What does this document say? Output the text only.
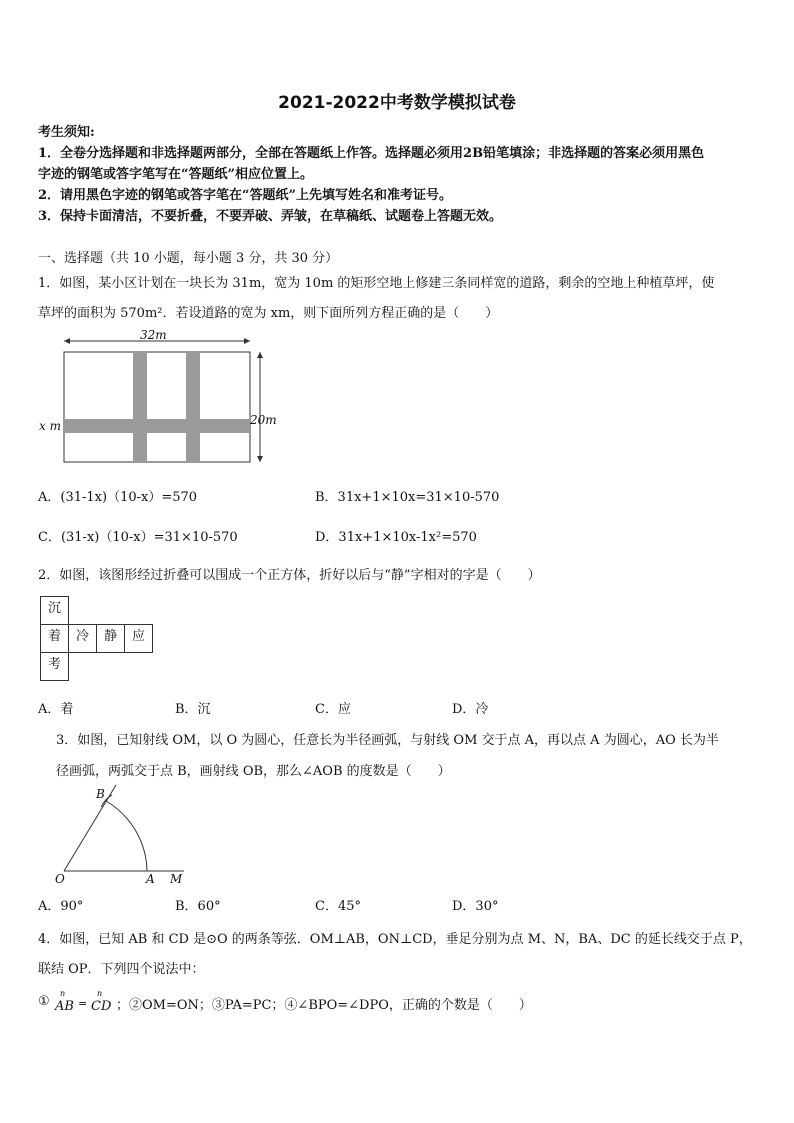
2021-2022中考数学模拟试卷
考生须知:
1．全卷分选择题和非选择题两部分，全部在答题纸上作答。选择题必须用2B铅笔填涂；非选择题的答案必须用黑色
字迹的钢笔或答字笔写在“答题纸”相应位置上。
2．请用黑色字迹的钢笔或答字笔在“答题纸”上先填写姓名和准考证号。
3．保持卡面清洁，不要折叠，不要弄破、弄皱，在草稿纸、试题卷上答题无效。
一、选择题（共 10 小题，每小题 3 分，共 30 分）
1．如图，某小区计划在一块长为 31m，宽为 10m 的矩形空地上修建三条同样宽的道路，剩余的空地上种植草坪，使
草坪的面积为 570m²．若设道路的宽为 xm，则下面所列方程正确的是（　　）
32m
20m
x m
A．(31-1x)（10-x）=570	B．31x+1×10x=31×10-570
C．(31-x)（10-x）=31×10-570	D．31x+1×10x-1x²=570
2．如图，该图形经过折叠可以围成一个正方体，折好以后与“静”字相对的字是（　　）
沉
着	冷	静	应
考
A．着	B．沉	C．应	D．冷
3．如图，已知射线 OM，以 O 为圆心，任意长为半径画弧，与射线 OM 交于点 A，再以点 A 为圆心，AO 长为半
径画弧，两弧交于点 B，画射线 OB，那么∠AOB 的度数是（　　）
B
O	A M
A．90°	B．60°	C．45°	D．30°
4．如图，已知 AB 和 CD 是⊙O 的两条等弦．OM⊥AB，ON⊥CD，垂足分别为点 M、N，BA、DC 的延长线交于点 P，
联结 OP．下列四个说法中：
①
n
AB =
n
CD ；②OM=ON；③PA=PC；④∠BPO=∠DPO，正确的个数是（　　）
